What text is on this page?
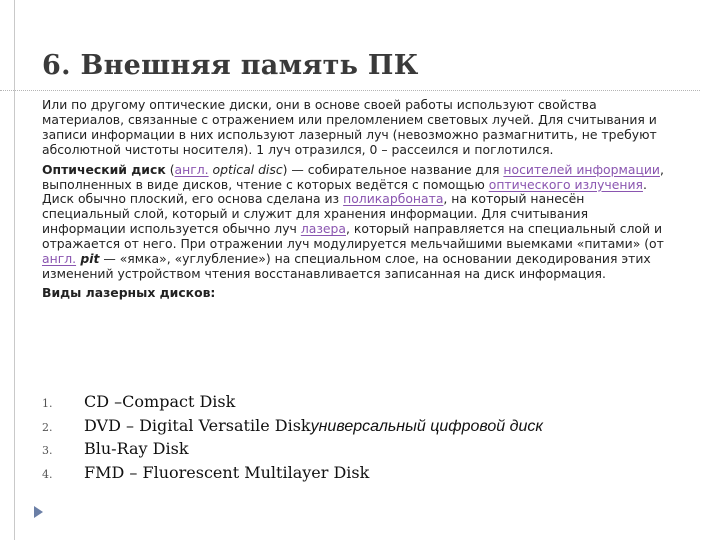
6. Внешняя память ПК

Или по другому оптические диски, они в основе своей работы используют свойства материалов, связанные с отражением или преломлением световых лучей. Для считывания и записи информации в них используют лазерный луч (невозможно размагнитить, не требуют абсолютной чистоты носителя). 1 луч отразился, 0 – рассеился и поглотился.

Оптический диск (англ. optical disc) — собирательное название для носителей информации, выполненных в виде дисков, чтение с которых ведётся с помощью оптического излучения. Диск обычно плоский, его основа сделана из поликарбоната, на который нанесён специальный слой, который и служит для хранения информации. Для считывания информации используется обычно луч лазера, который направляется на специальный слой и отражается от него. При отражении луч модулируется мельчайшими выемками «питами» (от англ. pit — «ямка», «углубление») на специальном слое, на основании декодирования этих изменений устройством чтения восстанавливается записанная на диск информация.

Виды лазерных дисков:

1.	CD –Compact Disk
2.	DVD – Digital Versatile Disk универсальный цифровой диск
3.	Blu-Ray Disk
4.	FMD – Fluorescent Multilayer Disk
